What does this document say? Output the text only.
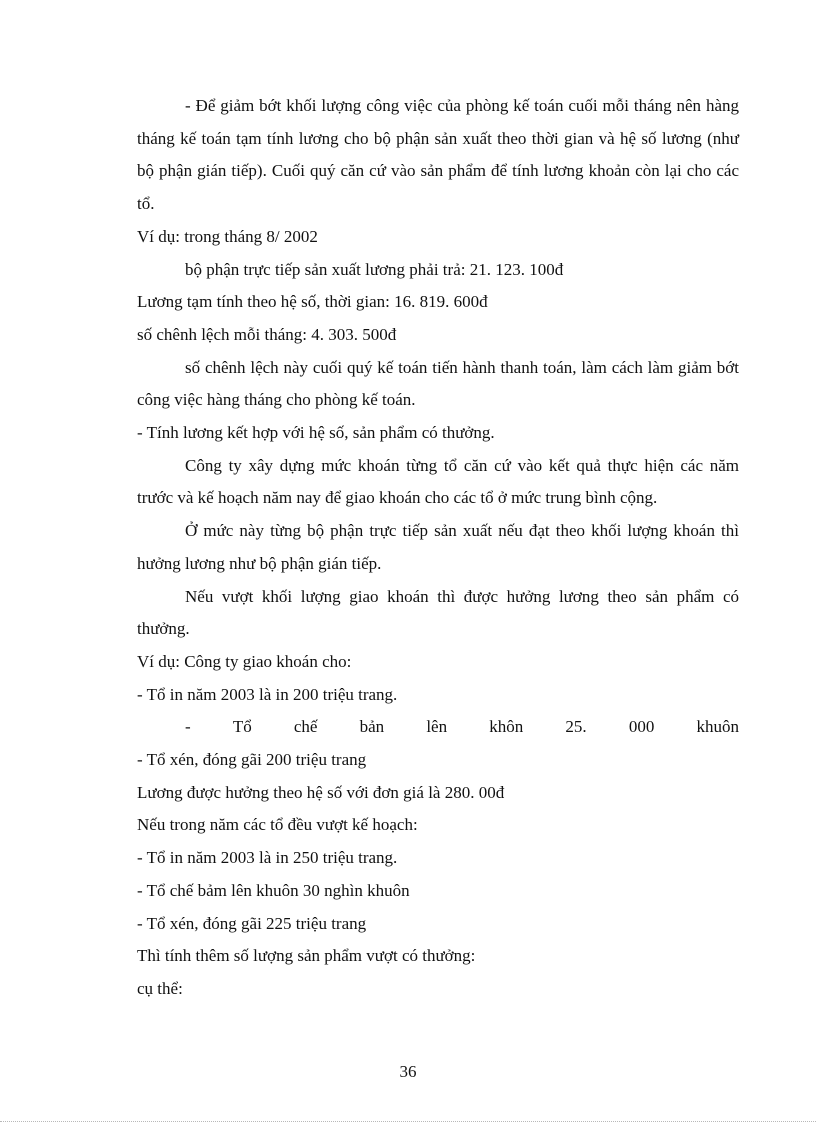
- Để giảm bớt khối lượng công việc của phòng kế toán cuối mỗi tháng nên hàng tháng kế toán tạm tính lương cho bộ phận sản xuất theo thời gian và hệ số lương (như bộ phận gián tiếp). Cuối quý căn cứ vào sản phẩm để tính lương khoản còn lại cho các tổ.

Ví dụ: trong tháng 8/ 2002

bộ phận trực tiếp sản xuất lương phải trả: 21. 123. 100đ

Lương tạm tính theo hệ số, thời gian: 16. 819. 600đ

số chênh lệch mỗi tháng: 4. 303. 500đ

số chênh lệch này cuối quý kế toán tiến hành thanh toán, làm cách làm giảm bớt công việc hàng tháng cho phòng kế toán.

- Tính lương kết hợp với hệ số, sản phẩm có thưởng.

Công ty xây dựng mức khoán từng tổ căn cứ vào kết quả thực hiện các năm trước và kế hoạch năm nay để giao khoán cho các tổ ở mức trung bình cộng.

Ở mức này từng bộ phận trực tiếp sản xuất nếu đạt theo khối lượng khoán thì hưởng lương như bộ phận gián tiếp.

Nếu vượt khối lượng giao khoán thì được hưởng lương theo sản phẩm có thưởng.

Ví dụ: Công ty giao khoán cho:

- Tổ in năm 2003 là in 200 triệu trang.

- Tổ chế bản lên khôn 25. 000 khuôn

- Tổ xén, đóng gãi 200 triệu trang

Lương được hưởng theo hệ số với đơn giá là 280. 00đ

Nếu trong năm các tổ đều vượt kế hoạch:

- Tổ in năm 2003 là in 250 triệu trang.

- Tổ chế bảm lên khuôn 30 nghìn khuôn

- Tổ xén, đóng gãi 225 triệu trang

Thì tính thêm số lượng sản phẩm vượt có thưởng:

cụ thể:

36
